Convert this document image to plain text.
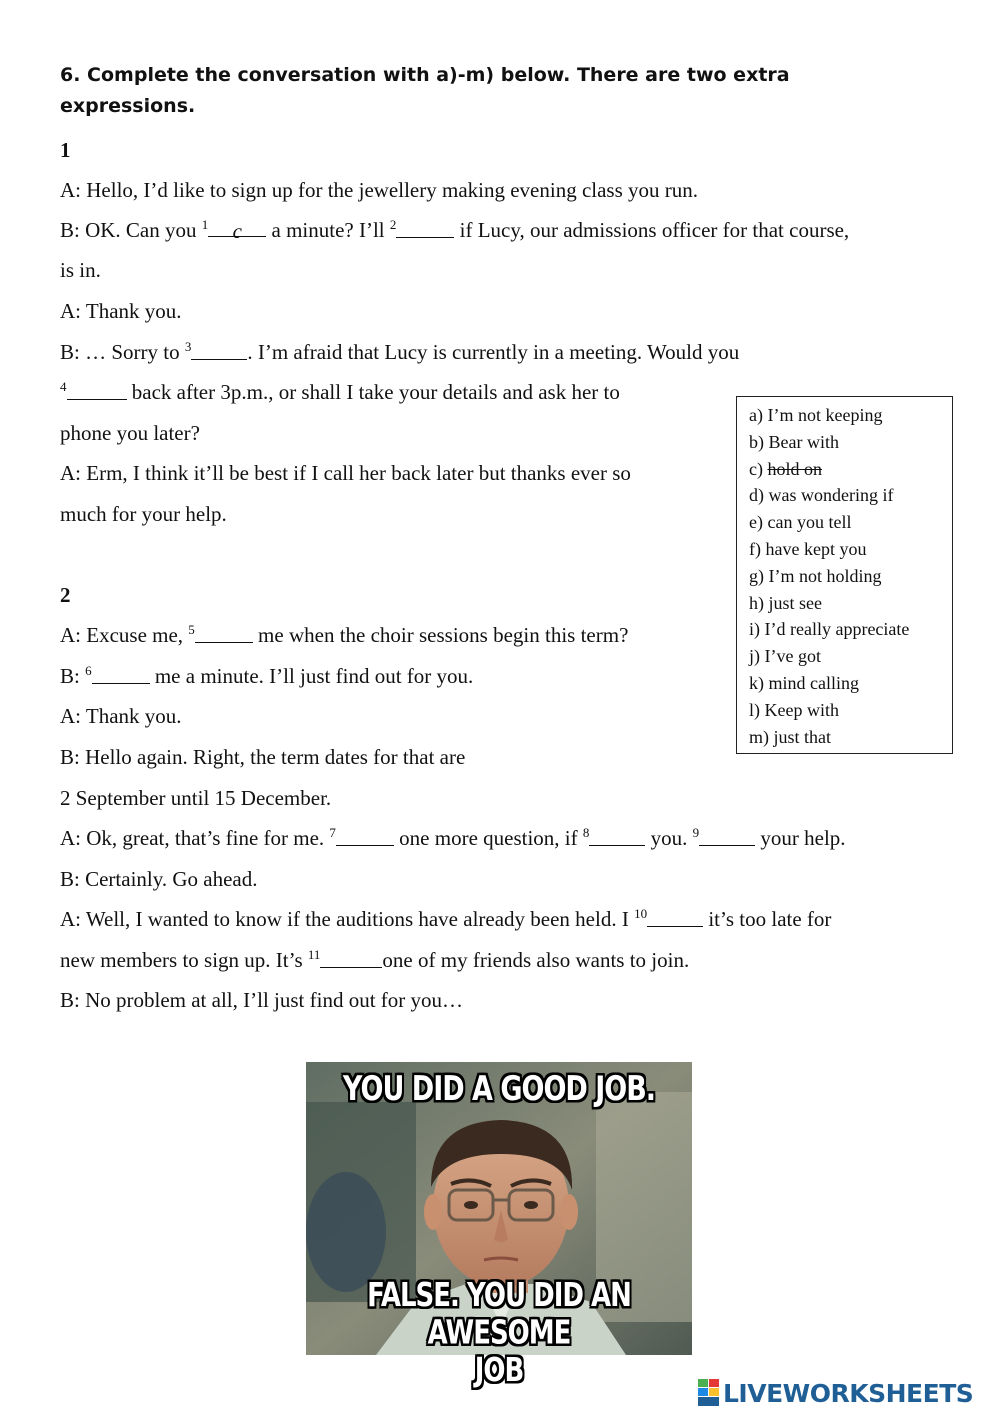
6. Complete the conversation with a)-m) below. There are two extra expressions.
1
A: Hello, I’d like to sign up for the jewellery making evening class you run.
B: OK. Can you $^1$ c a minute? I’ll $^2$	if Lucy, our admissions officer for that course,
is in.
A: Thank you.
B: … Sorry to $^3$	. I’m afraid that Lucy is currently in a meeting. Would you
$^4$	back after 3p.m., or shall I take your details and ask her to
phone you later?
A: Erm, I think it’ll be best if I call her back later but thanks ever so
much for your help.
2
A: Excuse me, $^5$	me when the choir sessions begin this term?
B: $^6$	me a minute. I’ll just find out for you.
A: Thank you.
B: Hello again. Right, the term dates for that are
2 September until 15 December.
A: Ok, great, that’s fine for me. $^7$	one more question, if $^8$	you. $^9$	your help.
B: Certainly. Go ahead.
A: Well, I wanted to know if the auditions have already been held. I $^{10}$	it’s too late for
new members to sign up. It’s $^{11}$	one of my friends also wants to join.
B: No problem at all, I’ll just find out for you…
a) I’m not keeping
b) Bear with
c) hold on
d) was wondering if
e) can you tell
f) have kept you
g) I’m not holding
h) just see
i) I’d really appreciate
j) I’ve got
k) mind calling
l) Keep with
m) just that
YOU DID A GOOD JOB.
FALSE. YOU DID AN AWESOME
JOB
LIVEWORKSHEETS
